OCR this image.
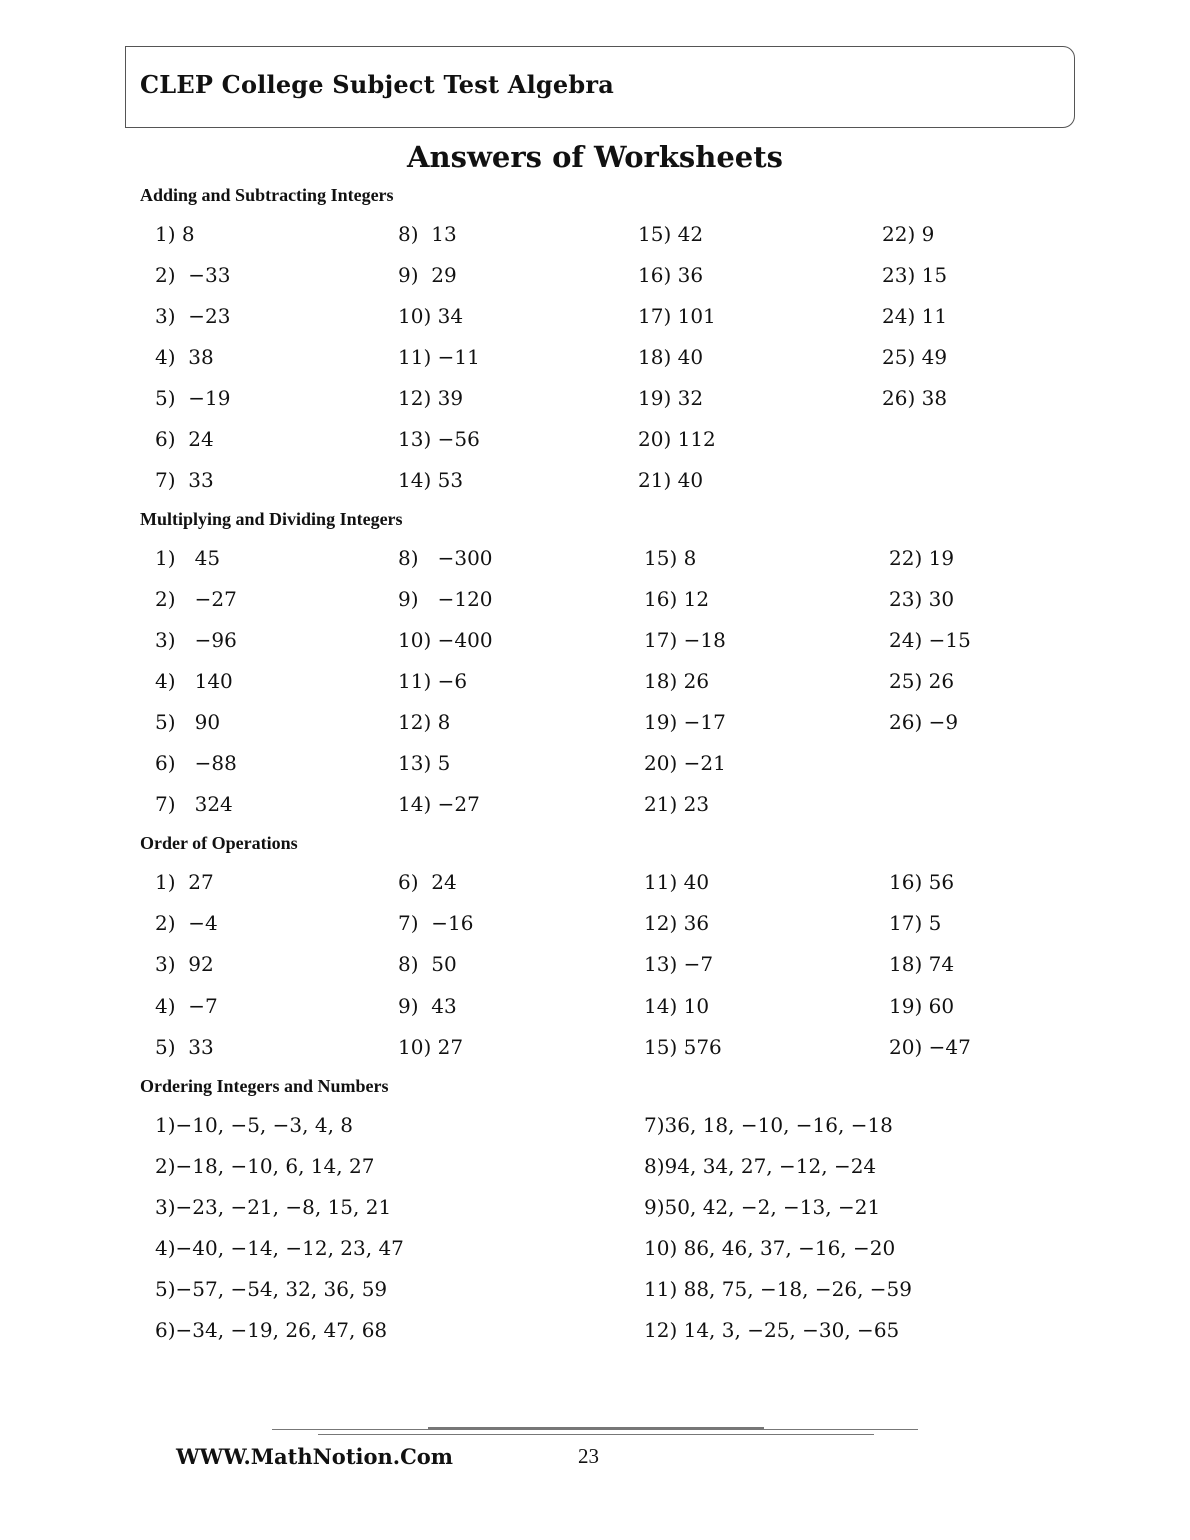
CLEP College Subject Test Algebra
Answers of Worksheets
Adding and Subtracting Integers
1) 8
2)  −33
3)  −23
4)  38
5)  −19
6)  24
7)  33
8)  13
9)  29
10) 34
11) −11
12) 39
13) −56
14) 53
15) 42
16) 36
17) 101
18) 40
19) 32
20) 112
21) 40
22) 9
23) 15
24) 11
25) 49
26) 38
Multiplying and Dividing Integers
1)   45
2)   −27
3)   −96
4)   140
5)   90
6)   −88
7)   324
8)   −300
9)   −120
10) −400
11) −6
12) 8
13) 5
14) −27
15) 8
16) 12
17) −18
18) 26
19) −17
20) −21
21) 23
22) 19
23) 30
24) −15
25) 26
26) −9
Order of Operations
1)  27
2)  −4
3)  92
4)  −7
5)  33
6)  24
7)  −16
8)  50
9)  43
10) 27
11) 40
12) 36
13) −7
14) 10
15) 576
16) 56
17) 5
18) 74
19) 60
20) −47
Ordering Integers and Numbers
1)−10, −5, −3, 4, 8
2)−18, −10, 6, 14, 27
3)−23, −21, −8, 15, 21
4)−40, −14, −12, 23, 47
5)−57, −54, 32, 36, 59
6)−34, −19, 26, 47, 68
7)36, 18, −10, −16, −18
8)94, 34, 27, −12, −24
9)50, 42, −2, −13, −21
10) 86, 46, 37, −16, −20
11) 88, 75, −18, −26, −59
12) 14, 3, −25, −30, −65
WWW.MathNotion.Com	23
